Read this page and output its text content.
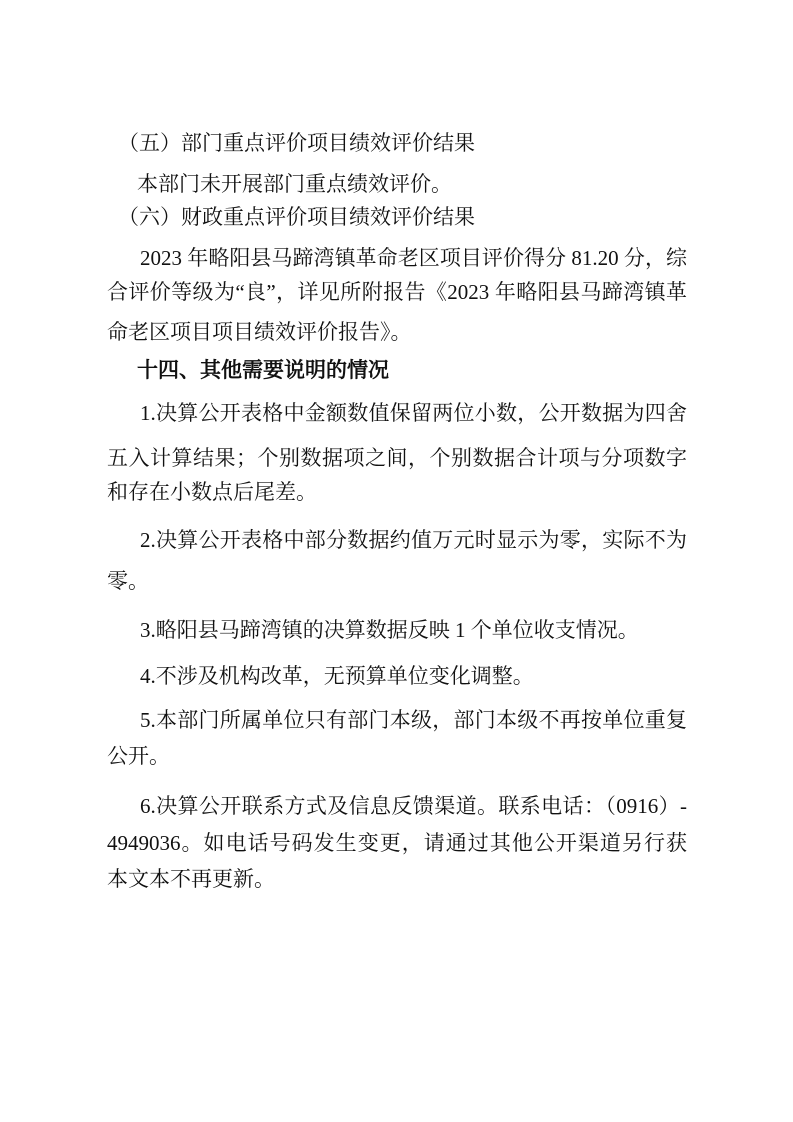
（五）部门重点评价项目绩效评价结果
本部门未开展部门重点绩效评价。
（六）财政重点评价项目绩效评价结果
2023 年略阳县马蹄湾镇革命老区项目评价得分 81.20 分，综
合评价等级为“良”，详见所附报告《2023 年略阳县马蹄湾镇革
命老区项目项目绩效评价报告》。
十四、其他需要说明的情况
1.决算公开表格中金额数值保留两位小数，公开数据为四舍
五入计算结果；个别数据项之间，个别数据合计项与分项数字
和存在小数点后尾差。
2.决算公开表格中部分数据约值万元时显示为零，实际不为
零。
3.略阳县马蹄湾镇的决算数据反映 1 个单位收支情况。
4.不涉及机构改革，无预算单位变化调整。
5.本部门所属单位只有部门本级，部门本级不再按单位重复
公开。
6.决算公开联系方式及信息反馈渠道。联系电话：（0916）-
4949036。如电话号码发生变更，请通过其他公开渠道另行获
本文本不再更新。
